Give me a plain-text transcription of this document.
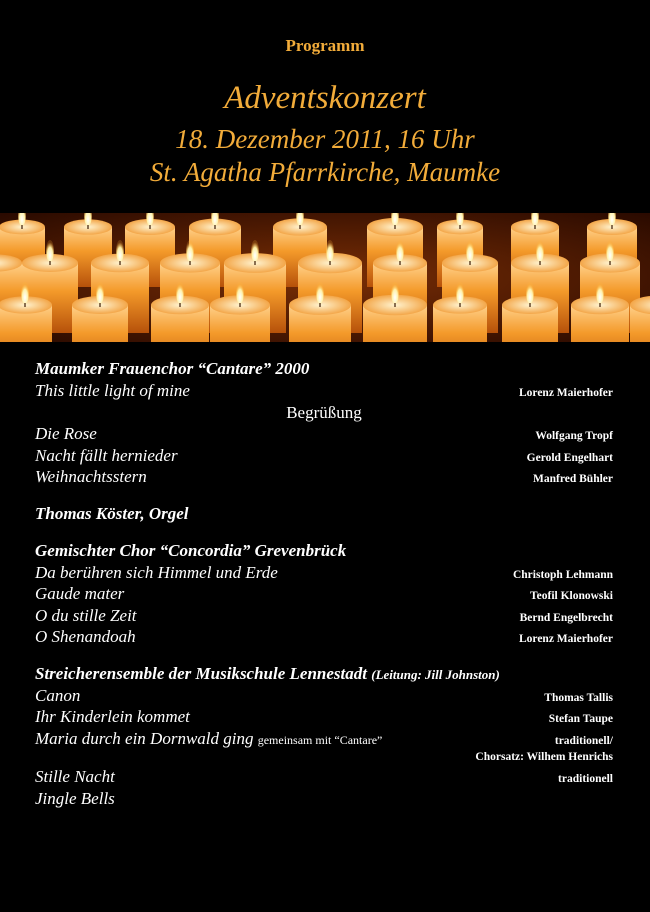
Programm
Adventskonzert
18. Dezember 2011, 16 Uhr
St. Agatha Pfarrkirche, Maumke
Maumker Frauenchor “Cantare” 2000
This little light of mine	Lorenz Maierhofer
Begrüßung
Die Rose	Wolfgang Tropf
Nacht fällt hernieder	Gerold Engelhart
Weihnachtsstern	Manfred Bühler
Thomas Köster, Orgel
Gemischter Chor “Concordia” Grevenbrück
Da berühren sich Himmel und Erde	Christoph Lehmann
Gaude mater	Teofil Klonowski
O du stille Zeit	Bernd Engelbrecht
O Shenandoah	Lorenz Maierhofer
Streicherensemble der Musikschule Lennestadt (Leitung: Jill Johnston)
Canon	Thomas Tallis
Ihr Kinderlein kommet	Stefan Taupe
Maria durch ein Dornwald ging gemeinsam mit “Cantare”	traditionell/
Chorsatz: Wilhem Henrichs
Stille Nacht	traditionell
Jingle Bells
